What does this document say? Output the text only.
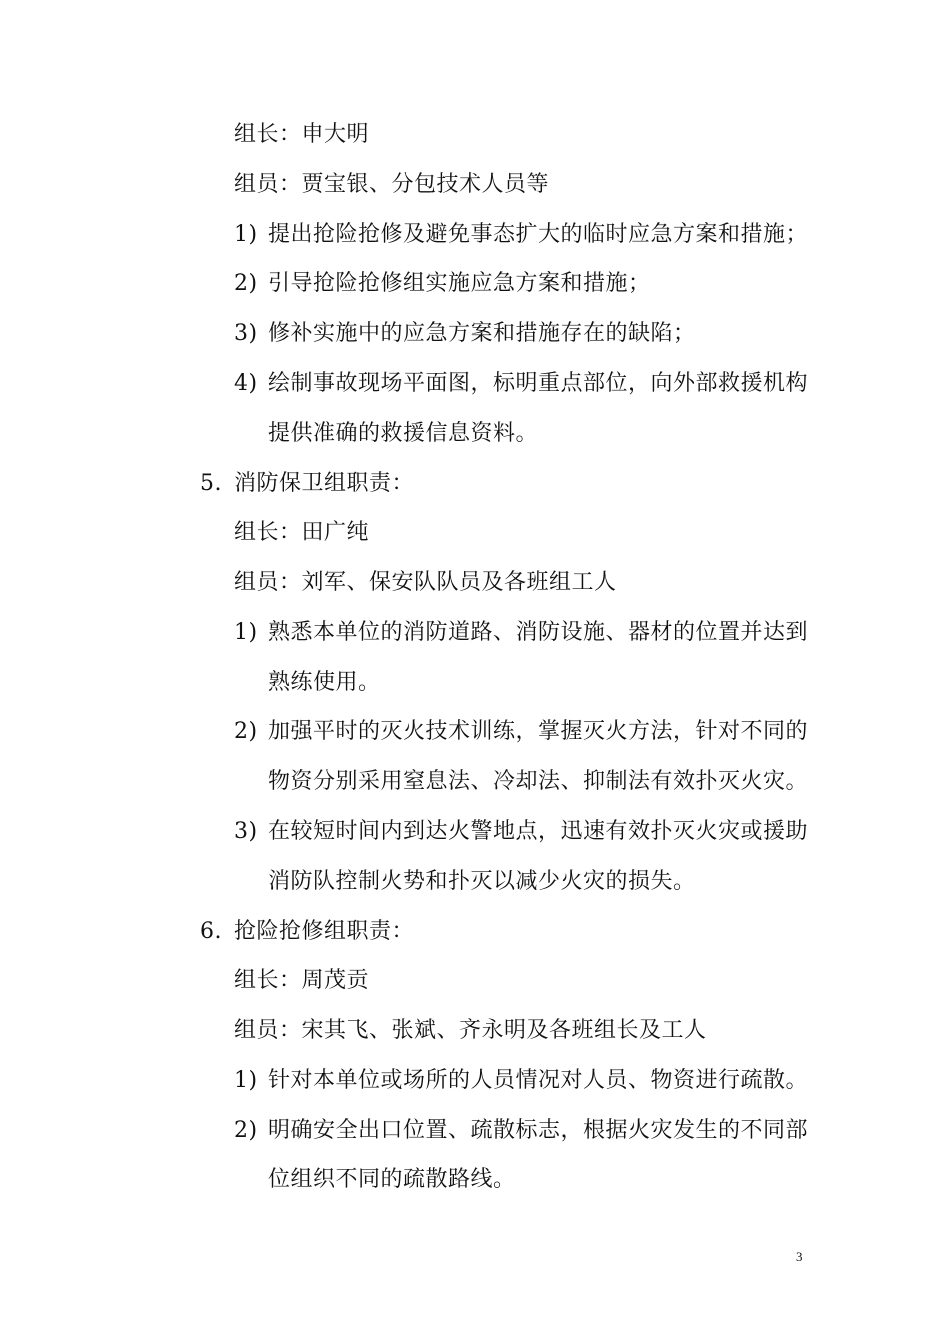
组长：申大明
组员：贾宝银、分包技术人员等
1) 提出抢险抢修及避免事态扩大的临时应急方案和措施；
2) 引导抢险抢修组实施应急方案和措施；
3) 修补实施中的应急方案和措施存在的缺陷；
4) 绘制事故现场平面图，标明重点部位，向外部救援机构
提供准确的救援信息资料。
5. 消防保卫组职责：
组长：田广纯
组员：刘军、保安队队员及各班组工人
1) 熟悉本单位的消防道路、消防设施、器材的位置并达到
熟练使用。
2) 加强平时的灭火技术训练，掌握灭火方法，针对不同的
物资分别采用窒息法、冷却法、抑制法有效扑灭火灾。
3) 在较短时间内到达火警地点，迅速有效扑灭火灾或援助
消防队控制火势和扑灭以减少火灾的损失。
6. 抢险抢修组职责：
组长：周茂贡
组员：宋其飞、张斌、齐永明及各班组长及工人
1) 针对本单位或场所的人员情况对人员、物资进行疏散。
2) 明确安全出口位置、疏散标志，根据火灾发生的不同部
位组织不同的疏散路线。
3
